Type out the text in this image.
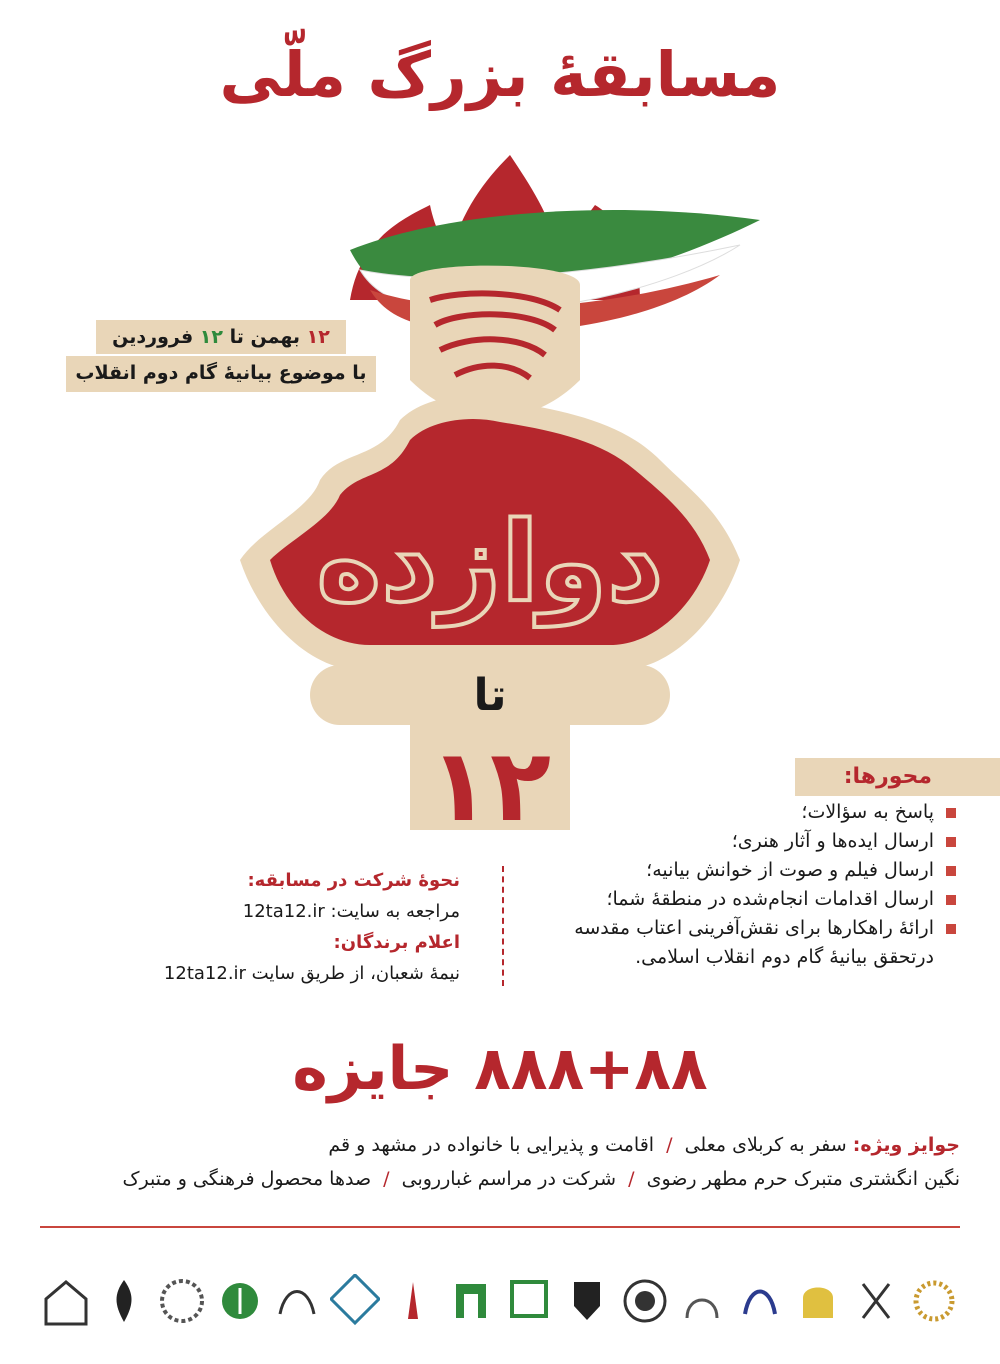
مسابقهٔ بزرگ ملّی
دوازده
تا
۱۲
۱۲ بهمن تا ۱۲ فروردین
با موضوع بیانیهٔ گام دوم انقلاب
محورها:
پاسخ به سؤالات؛
ارسال ایده‌ها و آثار هنری؛
ارسال فیلم و صوت از خوانش بیانیه؛
ارسال اقدامات انجام‌شده در منطقهٔ شما؛
ارائهٔ راهکارها برای نقش‌آفرینی اعتاب مقدسه
درتحقق بیانیهٔ گام دوم انقلاب اسلامی.
نحوهٔ شرکت در مسابقه:
مراجعه به سایت: 12ta12.ir
اعلام برندگان:
نیمهٔ شعبان، از طریق سایت 12ta12.ir
۸۸۸+۸۸ جایزه
جوایز ویژه: سفر به کربلای معلی / اقامت و پذیرایی با خانواده در مشهد و قم
نگین انگشتری متبرک حرم مطهر رضوی / شرکت در مراسم غبارروبی / صدها محصول فرهنگی و متبرک
